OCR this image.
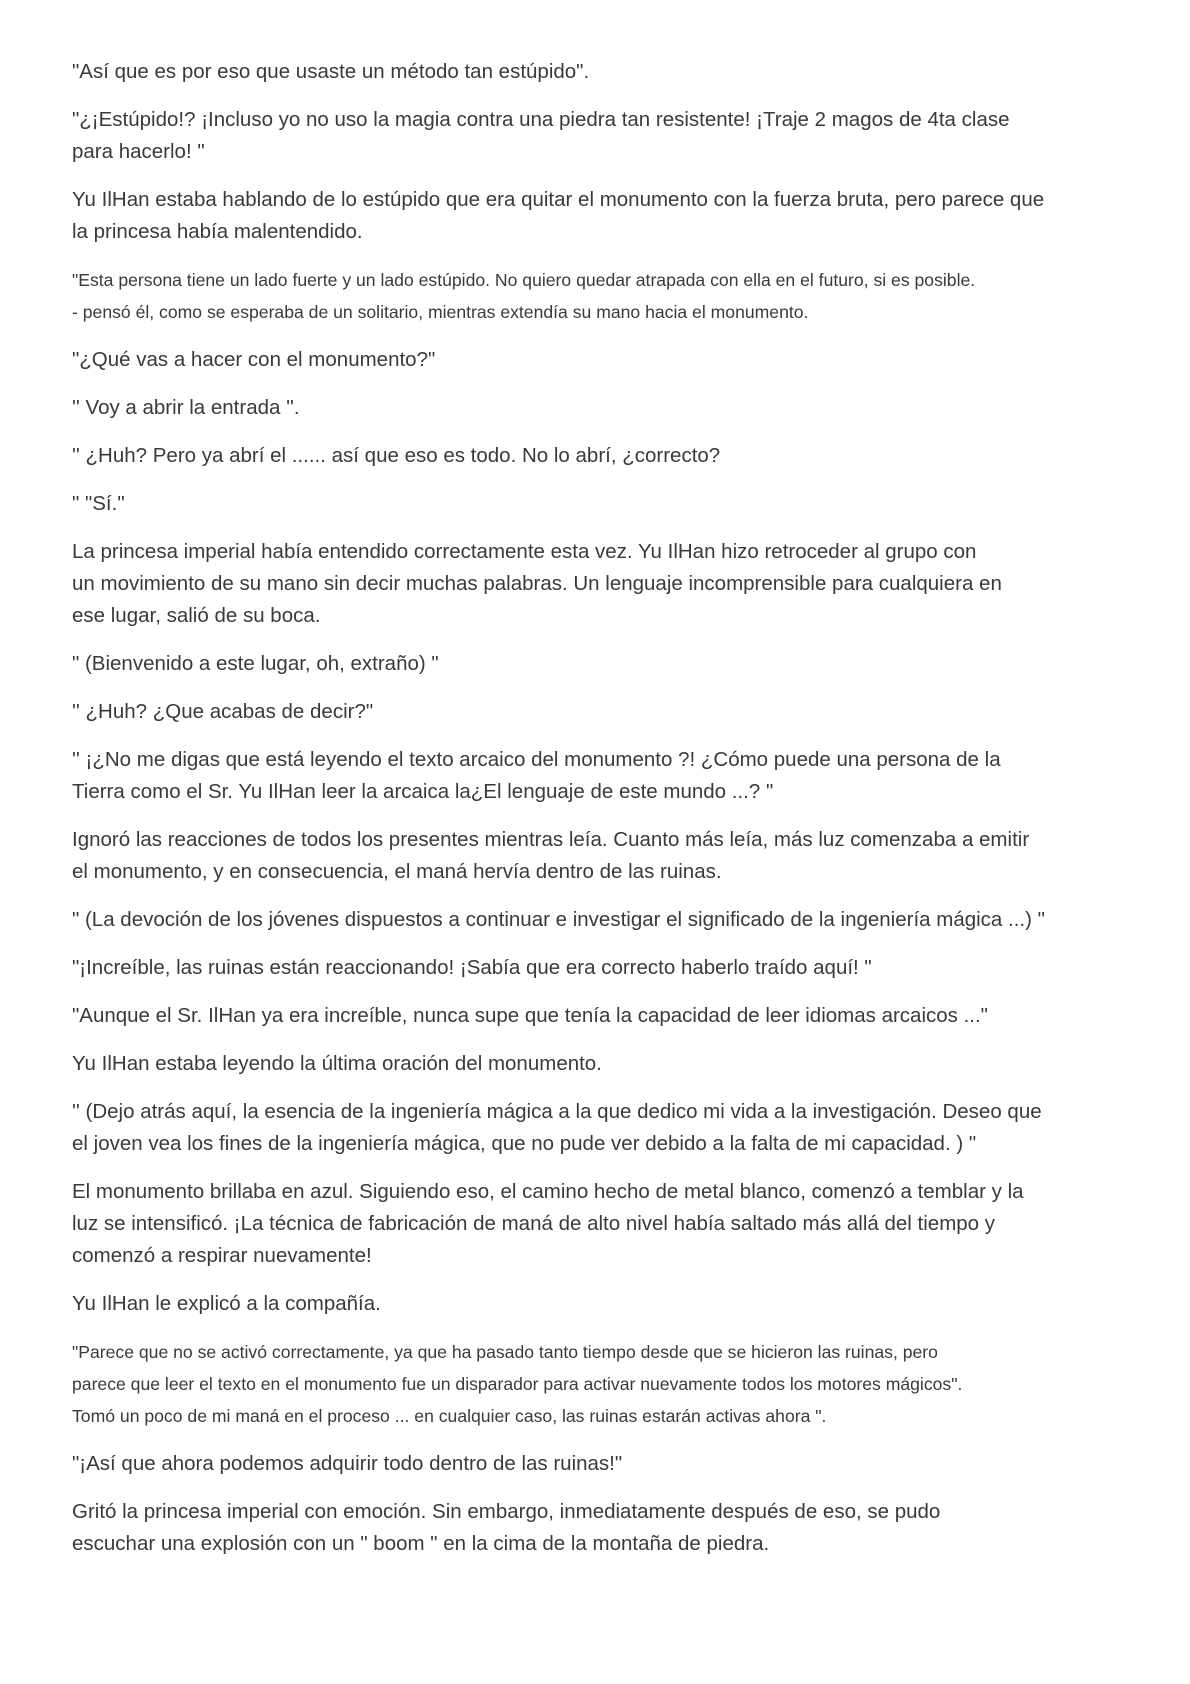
"Así que es por eso que usaste un método tan estúpido".

"¿¡Estúpido!? ¡Incluso yo no uso la magia contra una piedra tan resistente! ¡Traje 2 magos de 4ta clase
para hacerlo! "

Yu IlHan estaba hablando de lo estúpido que era quitar el monumento con la fuerza bruta, pero parece que
la princesa había malentendido.

"Esta persona tiene un lado fuerte y un lado estúpido. No quiero quedar atrapada con ella en el futuro, si es posible.
- pensó él, como se esperaba de un solitario, mientras extendía su mano hacia el monumento.

"¿Qué vas a hacer con el monumento?"

'' Voy a abrir la entrada ''.

'' ¿Huh? Pero ya abrí el ...... así que eso es todo. No lo abrí, ¿correcto?

" "Sí."

La princesa imperial había entendido correctamente esta vez. Yu IlHan hizo retroceder al grupo con
un movimiento de su mano sin decir muchas palabras. Un lenguaje incomprensible para cualquiera en
ese lugar, salió de su boca.

" (Bienvenido a este lugar, oh, extraño) "

'' ¿Huh? ¿Que acabas de decir?"

'' ¡¿No me digas que está leyendo el texto arcaico del monumento ?! ¿Cómo puede una persona de la
Tierra como el Sr. Yu IlHan leer la arcaica la¿El lenguaje de este mundo ...? "

Ignoró las reacciones de todos los presentes mientras leía. Cuanto más leía, más luz comenzaba a emitir
el monumento, y en consecuencia, el maná hervía dentro de las ruinas.

" (La devoción de los jóvenes dispuestos a continuar e investigar el significado de la ingeniería mágica ...) "

"¡Increíble, las ruinas están reaccionando! ¡Sabía que era correcto haberlo traído aquí! "

"Aunque el Sr. IlHan ya era increíble, nunca supe que tenía la capacidad de leer idiomas arcaicos ..."

Yu IlHan estaba leyendo la última oración del monumento.

'' (Dejo atrás aquí, la esencia de la ingeniería mágica a la que dedico mi vida a la investigación. Deseo que
el joven vea los fines de la ingeniería mágica, que no pude ver debido a la falta de mi capacidad. ) "

El monumento brillaba en azul. Siguiendo eso, el camino hecho de metal blanco, comenzó a temblar y la
luz se intensificó. ¡La técnica de fabricación de maná de alto nivel había saltado más allá del tiempo y
comenzó a respirar nuevamente!

Yu IlHan le explicó a la compañía.

"Parece que no se activó correctamente, ya que ha pasado tanto tiempo desde que se hicieron las ruinas, pero
parece que leer el texto en el monumento fue un disparador para activar nuevamente todos los motores mágicos".
Tomó un poco de mi maná en el proceso ... en cualquier caso, las ruinas estarán activas ahora ".

"¡Así que ahora podemos adquirir todo dentro de las ruinas!"

Gritó la princesa imperial con emoción. Sin embargo, inmediatamente después de eso, se pudo
escuchar una explosión con un " boom " en la cima de la montaña de piedra.
